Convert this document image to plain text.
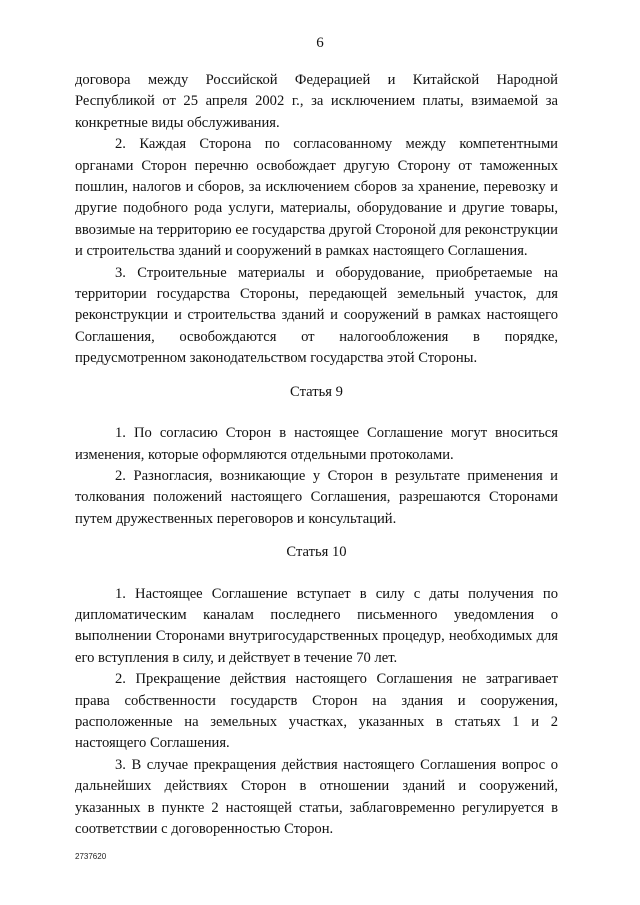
6

договора между Российской Федерацией и Китайской Народной Республикой от 25 апреля 2002 г., за исключением платы, взимаемой за конкретные виды обслуживания.

2. Каждая Сторона по согласованному между компетентными органами Сторон перечню освобождает другую Сторону от таможенных пошлин, налогов и сборов, за исключением сборов за хранение, перевозку и другие подобного рода услуги, материалы, оборудование и другие товары, ввозимые на территорию ее государства другой Стороной для реконструкции и строительства зданий и сооружений в рамках настоящего Соглашения.

3. Строительные материалы и оборудование, приобретаемые на территории государства Стороны, передающей земельный участок, для реконструкции и строительства зданий и сооружений в рамках настоящего Соглашения, освобождаются от налогообложения в порядке, предусмотренном законодательством государства этой Стороны.

Статья 9

1. По согласию Сторон в настоящее Соглашение могут вноситься изменения, которые оформляются отдельными протоколами.

2. Разногласия, возникающие у Сторон в результате применения и толкования положений настоящего Соглашения, разрешаются Сторонами путем дружественных переговоров и консультаций.

Статья 10

1. Настоящее Соглашение вступает в силу с даты получения по дипломатическим каналам последнего письменного уведомления о выполнении Сторонами внутригосударственных процедур, необходимых для его вступления в силу, и действует в течение 70 лет.

2. Прекращение действия настоящего Соглашения не затрагивает права собственности государств Сторон на здания и сооружения, расположенные на земельных участках, указанных в статьях 1 и 2 настоящего Соглашения.

3. В случае прекращения действия настоящего Соглашения вопрос о дальнейших действиях Сторон в отношении зданий и сооружений, указанных в пункте 2 настоящей статьи, заблаговременно регулируется в соответствии с договоренностью Сторон.

2737620
